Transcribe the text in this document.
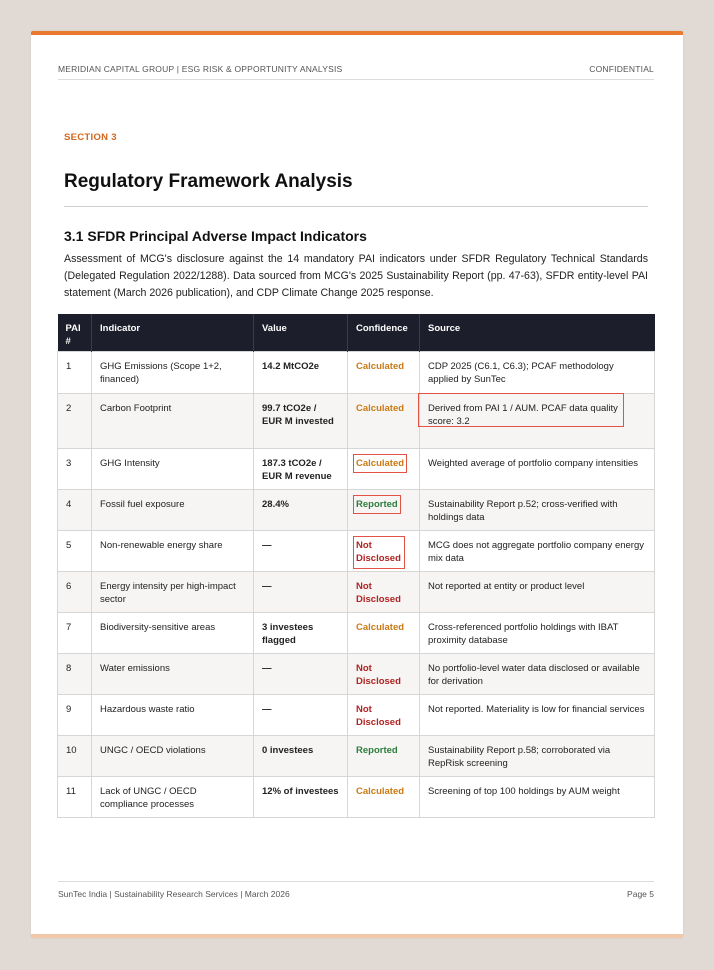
MERIDIAN CAPITAL GROUP | ESG RISK & OPPORTUNITY ANALYSIS	CONFIDENTIAL
SECTION 3
Regulatory Framework Analysis
3.1 SFDR Principal Adverse Impact Indicators

Assessment of MCG's disclosure against the 14 mandatory PAI indicators under SFDR Regulatory Technical Standards (Delegated Regulation 2022/1288). Data sourced from MCG's 2025 Sustainability Report (pp. 47-63), SFDR entity-level PAI statement (March 2026 publication), and CDP Climate Change 2025 response.

PAI #	Indicator	Value	Confidence	Source
1	GHG Emissions (Scope 1+2, financed)	14.2 MtCO2e	Calculated	CDP 2025 (C6.1, C6.3); PCAF methodology applied by SunTec
2	Carbon Footprint	99.7 tCO2e / EUR M invested	Calculated	Derived from PAI 1 / AUM. PCAF data quality score: 3.2
3	GHG Intensity	187.3 tCO2e / EUR M revenue	Calculated	Weighted average of portfolio company intensities
4	Fossil fuel exposure	28.4%	Reported	Sustainability Report p.52; cross-verified with holdings data
5	Non-renewable energy share	—	Not Disclosed	MCG does not aggregate portfolio company energy mix data
6	Energy intensity per high-impact sector	—	Not Disclosed	Not reported at entity or product level
7	Biodiversity-sensitive areas	3 investees flagged	Calculated	Cross-referenced portfolio holdings with IBAT proximity database
8	Water emissions	—	Not Disclosed	No portfolio-level water data disclosed or available for derivation
9	Hazardous waste ratio	—	Not Disclosed	Not reported. Materiality is low for financial services
10	UNGC / OECD violations	0 investees	Reported	Sustainability Report p.58; corroborated via RepRisk screening
11	Lack of UNGC / OECD compliance processes	12% of investees	Calculated	Screening of top 100 holdings by AUM weight
SunTec India | Sustainability Research Services | March 2026	Page 5
